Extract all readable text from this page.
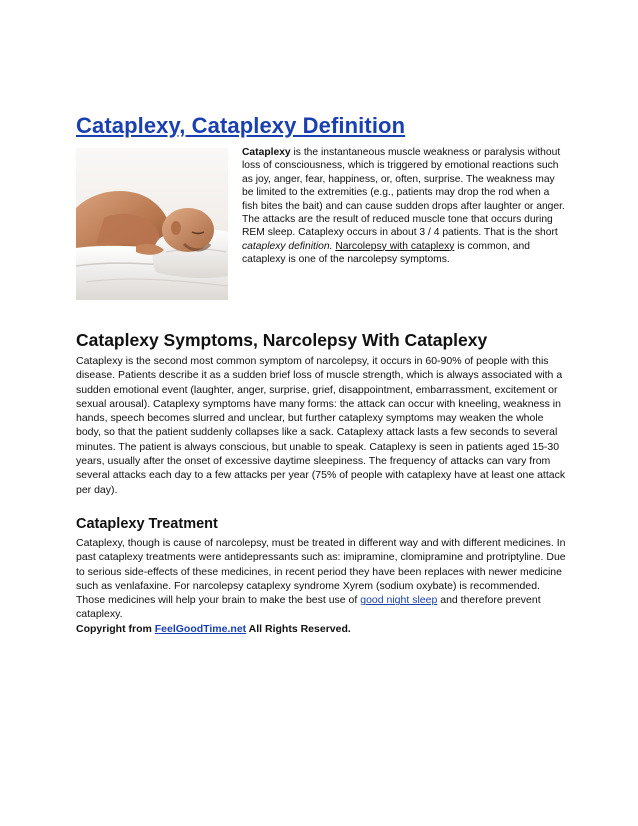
Cataplexy, Cataplexy Definition
Cataplexy is the instantaneous muscle weakness or paralysis without loss of consciousness, which is triggered by emotional reactions such as joy, anger, fear, happiness, or, often, surprise. The weakness may be limited to the extremities (e.g., patients may drop the rod when a fish bites the bait) and can cause sudden drops after laughter or anger. The attacks are the result of reduced muscle tone that occurs during REM sleep. Cataplexy occurs in about 3 / 4 patients. That is the short cataplexy definition. Narcolepsy with cataplexy is common, and cataplexy is one of the narcolepsy symptoms.
Cataplexy Symptoms, Narcolepsy With Cataplexy

Cataplexy is the second most common symptom of narcolepsy, it occurs in 60-90% of people with this disease. Patients describe it as a sudden brief loss of muscle strength, which is always associated with a sudden emotional event (laughter, anger, surprise, grief, disappointment, embarrassment, excitement or sexual arousal). Cataplexy symptoms have many forms: the attack can occur with kneeling, weakness in hands, speech becomes slurred and unclear, but further cataplexy symptoms may weaken the whole body, so that the patient suddenly collapses like a sack. Cataplexy attack lasts a few seconds to several minutes. The patient is always conscious, but unable to speak. Cataplexy is seen in patients aged 15-30 years, usually after the onset of excessive daytime sleepiness. The frequency of attacks can vary from several attacks each day to a few attacks per year (75% of people with cataplexy have at least one attack per day).

Cataplexy Treatment

Cataplexy, though is cause of narcolepsy, must be treated in different way and with different medicines. In past cataplexy treatments were antidepressants such as: imipramine, clomipramine and protriptyline. Due to serious side-effects of these medicines, in recent period they have been replaces with newer medicine such as venlafaxine. For narcolepsy cataplexy syndrome Xyrem (sodium oxybate) is recommended. Those medicines will help your brain to make the best use of good night sleep and therefore prevent cataplexy.

Copyright from FeelGoodTime.net All Rights Reserved.
